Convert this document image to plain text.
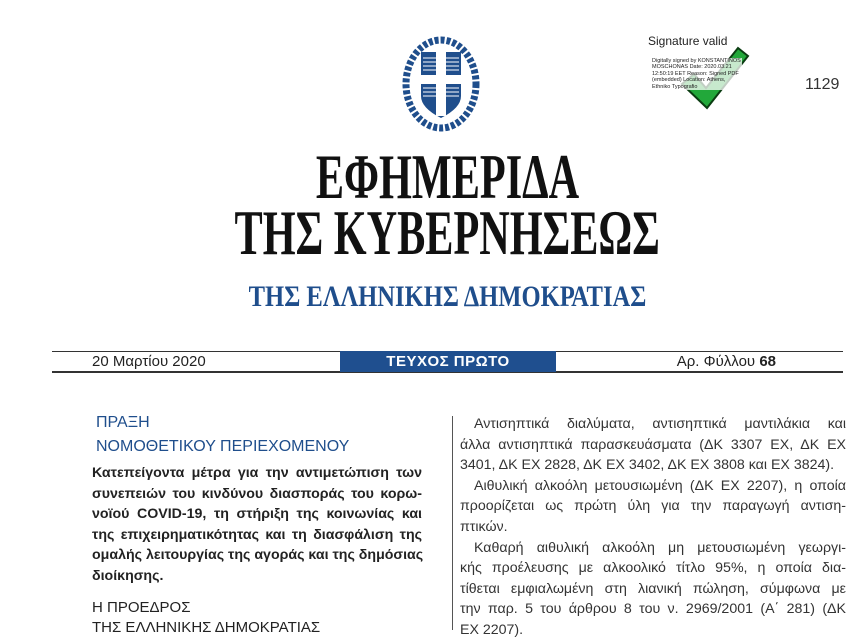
Signature valid
Digitally signed by KONSTANTINOS MOSCHONAS Date: 2020.03.21 12:50:19 EET Reason: Signed PDF (embedded) Location: Athens, Ethniko Typografio	1129
ΕΦΗΜΕΡΙΔΑ
ΤΗΣ ΚΥΒΕΡΝΗΣΕΩΣ
ΤΗΣ ΕΛΛΗΝΙΚΗΣ ΔΗΜΟΚΡΑΤΙΑΣ
20 Μαρτίου 2020	ΤΕΥΧΟΣ ΠΡΩΤΟ	Αρ. Φύλλου 68
ΠΡΑΞΗ
ΝΟΜΟΘΕΤΙΚΟΥ ΠΕΡΙΕΧΟΜΕΝΟΥ
Κατεπείγοντα μέτρα για την αντιμετώπιση των
συνεπειών του κινδύνου διασποράς του κορω-
νοϊού COVID-19, τη στήριξη της κοινωνίας και
της επιχειρηματικότητας και τη διασφάλιση της
ομαλής λειτουργίας της αγοράς και της δημόσιας
διοίκησης.
Η ΠΡΟΕΔΡΟΣ
ΤΗΣ ΕΛΛΗΝΙΚΗΣ ΔΗΜΟΚΡΑΤΙΑΣ
Αντισηπτικά διαλύματα, αντισηπτικά μαντιλάκια και
άλλα αντισηπτικά παρασκευάσματα (ΔΚ 3307 ΕΧ, ΔΚ ΕΧ
3401, ΔΚ ΕΧ 2828, ΔΚ ΕΧ 3402, ΔΚ ΕΧ 3808 και ΕΧ 3824).
Αιθυλική αλκοόλη μετουσιωμένη (ΔΚ ΕΧ 2207), η οποία
προορίζεται ως πρώτη ύλη για την παραγωγή αντιση-
πτικών.
Καθαρή αιθυλική αλκοόλη μη μετουσιωμένη γεωργι-
κής προέλευσης με αλκοολικό τίτλο 95%, η οποία δια-
τίθεται εμφιαλωμένη στη λιανική πώληση, σύμφωνα με
την παρ. 5 του άρθρου 8 του ν. 2969/2001 (Α΄ 281) (ΔΚ
ΕΧ 2207).
